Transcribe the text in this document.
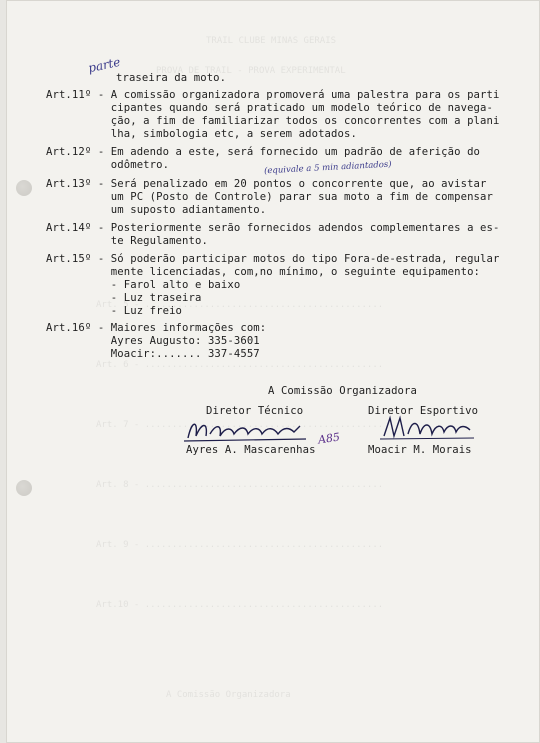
TRAIL CLUBE MINAS GERAIS
PROVA DE TRAIL - PROVA EXPERIMENTAL
Art. 5 - ............................................
Art. 6 - ............................................
Art. 7 - ............................................
Art. 8 - ............................................
Art. 9 - ............................................
Art.10 - ............................................
A Comissão Organizadora
parte
traseira da moto.
Art.11º - A comissão organizadora promoverá uma palestra para os parti
cipantes quando será praticado um modelo teórico de navega-
ção, a fim de familiarizar todos os concorrentes com a plani
lha, simbologia etc, a serem adotados.
Art.12º - Em adendo a este, será fornecido um padrão de aferição do
odômetro.	(equivale a 5 min adiantados)
Art.13º - Será penalizado em 20 pontos o concorrente que, ao avistar
um PC (Posto de Controle) parar sua moto a fim de compensar
um suposto adiantamento.
Art.14º - Posteriormente serão fornecidos adendos complementares a es-
te Regulamento.
Art.15º - Só poderão participar motos do tipo Fora-de-estrada, regular
mente licenciadas, com,no mínimo, o seguinte equipamento:
- Farol alto e baixo
- Luz traseira
- Luz freio
Art.16º - Maiores informações com:
Ayres Augusto: 335-3601
Moacir:....... 337-4557
A Comissão Organizadora
Diretor Técnico	Diretor Esportivo
Ayres A. Mascarenhas	Moacir M. Morais
A85
